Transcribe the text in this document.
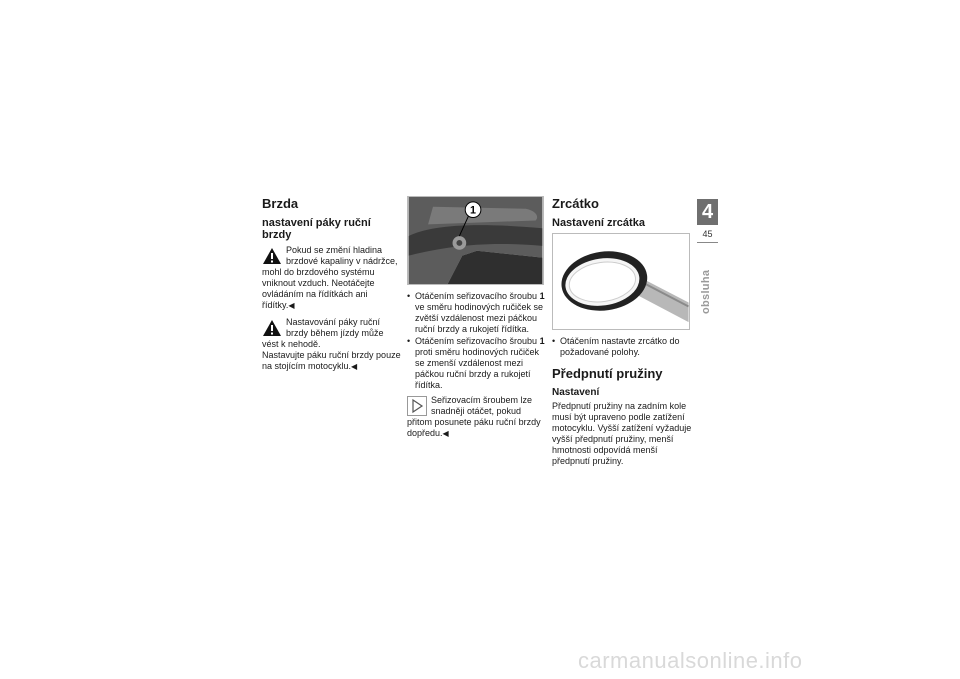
Brzda
nastavení páky ruční brzdy

Pokud se změní hladina brzdové kapaliny v nádržce, mohl do brzdového systému vniknout vzduch. Neotáčejte ovládáním na řídítkách ani řídítky.◀

Nastavování páky ruční brzdy během jízdy může vést k nehodě.

Nastavujte páku ruční brzdy pouze na stojícím motocyklu.◀

1
• Otáčením seřizovacího šroubu 1 ve směru hodinových ručiček se zvětší vzdálenost mezi páčkou ruční brzdy a rukojetí řídítka.
• Otáčením seřizovacího šroubu 1 proti směru hodinových ručiček se zmenší vzdálenost mezi páčkou ruční brzdy a rukojetí řídítka.

Seřizovacím šroubem lze snadněji otáčet, pokud přitom posunete páku ruční brzdy dopředu.◀

Zrcátko
Nastavení zrcátka
• Otáčením nastavte zrcátko do požadované polohy.
Předpnutí pružiny
Nastavení

Předpnutí pružiny na zadním kole musí být upraveno podle zatížení motocyklu. Vyšší zatížení vyžaduje vyšší předpnutí pružiny, menší hmotnosti odpovídá menší předpnutí pružiny.

4
45
obsluha
carmanualsonline.info
